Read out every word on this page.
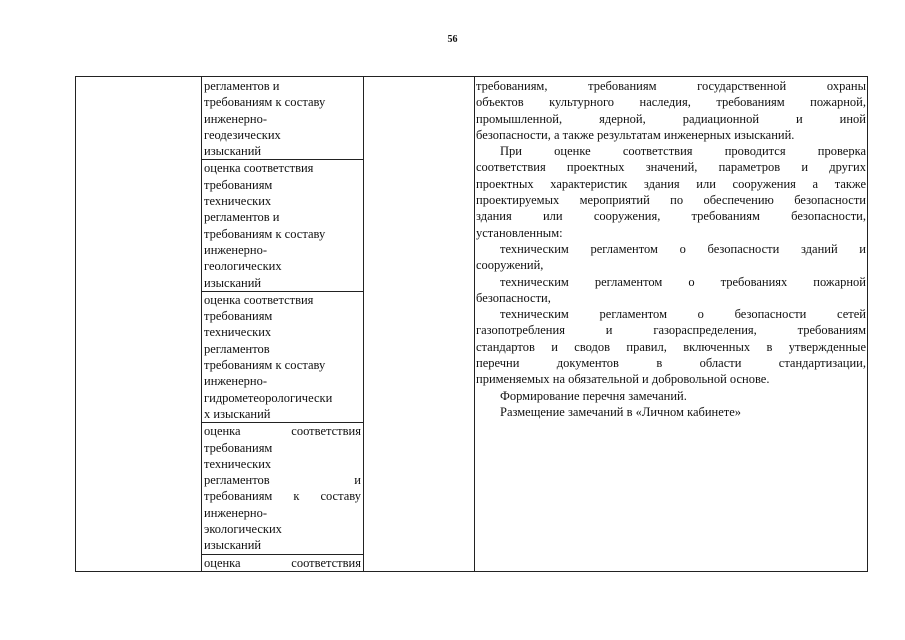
56
регламентов и
требованиям к составу
инженерно-
геодезических
изысканий
оценка соответствия
требованиям
технических
регламентов и
требованиям к составу
инженерно-
геологических
изысканий
оценка соответствия
требованиям
технических
регламентов
требованиям к составу
инженерно-
гидрометеорологически
х изысканий
оценка соответствия
требованиям
технических
регламентов и
требованиям к составу
инженерно-
экологических
изысканий
оценка соответствия
требованиям, требованиям государственной охраны
объектов культурного наследия, требованиям пожарной,
промышленной, ядерной, радиационной и иной
безопасности, а также результатам инженерных изысканий.
При оценке соответствия проводится проверка
соответствия проектных значений, параметров и других
проектных характеристик здания или сооружения а также
проектируемых мероприятий по обеспечению безопасности
здания или сооружения, требованиям безопасности,
установленным:
техническим регламентом о безопасности зданий и
сооружений,
техническим регламентом о требованиях пожарной
безопасности,
техническим регламентом о безопасности сетей
газопотребления и газораспределения, требованиям
стандартов и сводов правил, включенных в утвержденные
перечни документов в области стандартизации,
применяемых на обязательной и добровольной основе.
Формирование перечня замечаний.
Размещение замечаний в «Личном кабинете»
